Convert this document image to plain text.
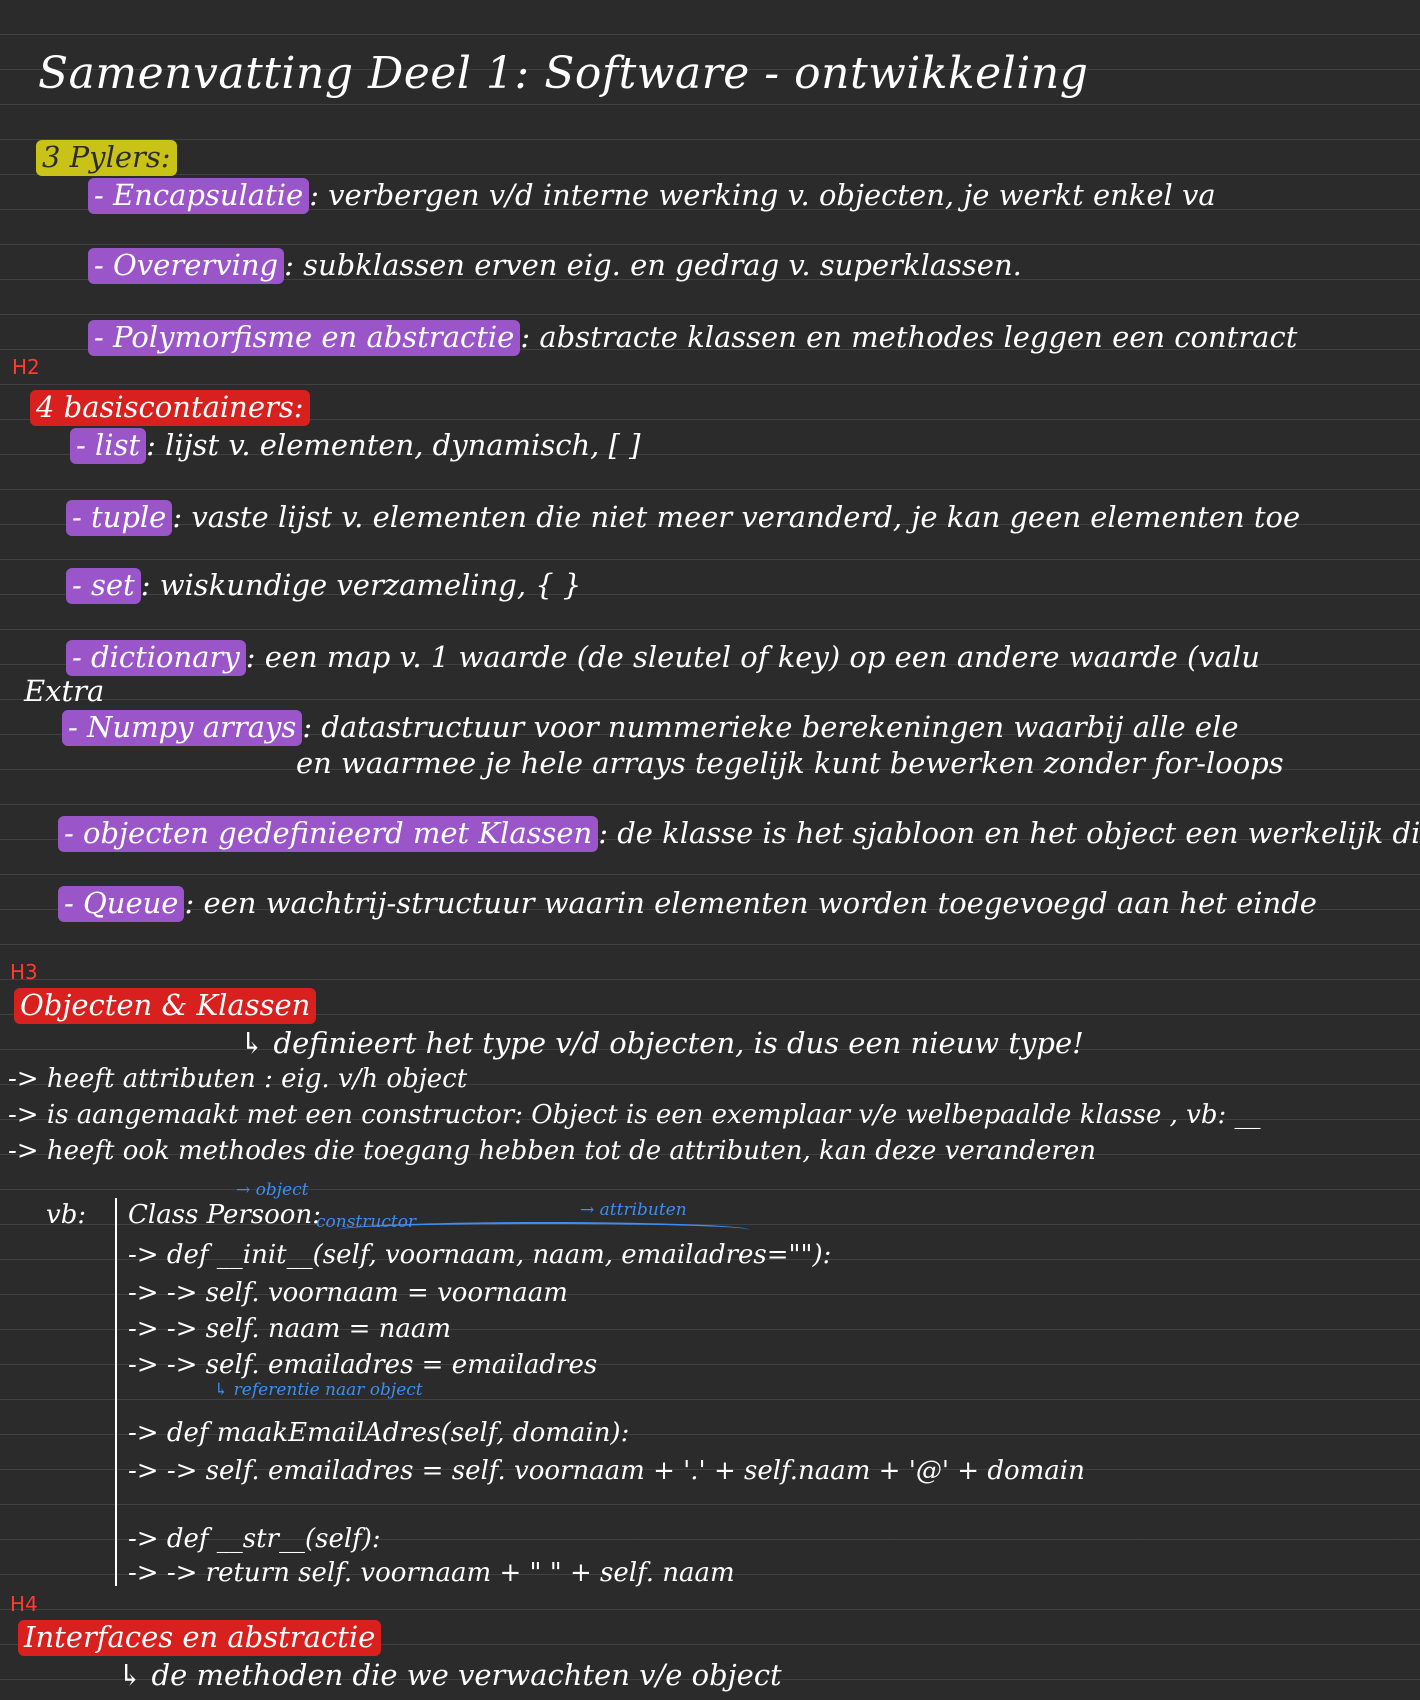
Samenvatting Deel 1: Software - ontwikkeling
3 Pylers:
- Encapsulatie : verbergen v/d interne werking v. objecten, je werkt enkel va
- Overerving : subklassen erven eig. en gedrag v. superklassen.
- Polymorfisme en abstractie : abstracte klassen en methodes leggen een contract
H2
4 basiscontainers:
- list : lijst v. elementen, dynamisch, [ ]
- tuple : vaste lijst v. elementen die niet meer veranderd, je kan geen elementen toe
- set : wiskundige verzameling, { }
- dictionary : een map v. 1 waarde (de sleutel of key) op een andere waarde (valu
Extra
- Numpy arrays : datastructuur voor nummerieke berekeningen waarbij alle ele
en waarmee je hele arrays tegelijk kunt bewerken zonder for-loops
- objecten gedefinieerd met Klassen : de klasse is het sjabloon en het object een werkelijk di
- Queue : een wachtrij-structuur waarin elementen worden toegevoegd aan het einde
H3
Objecten & Klassen
↳ definieert het type v/d objecten, is dus een nieuw type!
-> heeft attributen : eig. v/h object
-> is aangemaakt met een constructor: Object is een exemplaar v/e welbepaalde klasse , vb: __
-> heeft ook methodes die toegang hebben tot de attributen, kan deze veranderen
vb:
→ object
constructor
→ attributen
Class Persoon:
-> def __init__(self, voornaam, naam, emailadres=""):
-> -> self. voornaam = voornaam
-> -> self. naam = naam
-> -> self. emailadres = emailadres
↳ referentie naar object
-> def maakEmailAdres(self, domain):
-> -> self. emailadres = self. voornaam + '.' + self.naam + '@' + domain
-> def __str__(self):
-> -> return self. voornaam + " " + self. naam
H4
Interfaces en abstractie
↳ de methoden die we verwachten v/e object
